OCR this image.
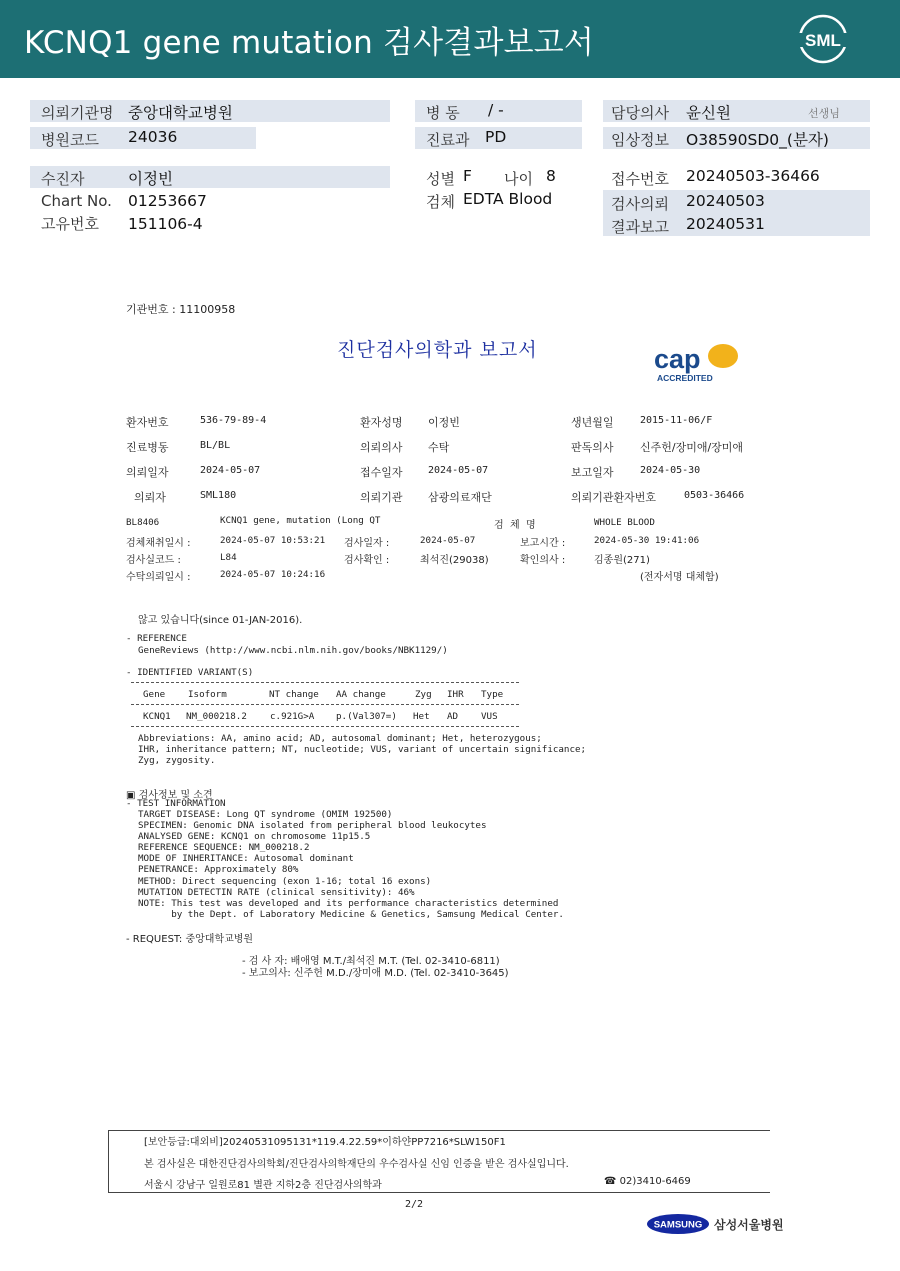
KCNQ1 gene mutation 검사결과보고서	SML
의뢰기관명 중앙대학교병원
병원코드 24036
병 동 / -
진료과 PD
담당의사 윤신원	선생님
임상정보 O38590SD0_(분자)
수진자	이정빈
Chart No. 01253667
고유번호 151106-4
성별 F 나이 8
검체 EDTA Blood
접수번호 20240503-36466
검사의뢰 20240503
결과보고 20240531
기관번호 : 11100958
진단검사의학과 보고서	cap
ACCREDITED
환자번호	536-79-89-4	환자성명 이정빈	생년월일	2015-11-06/F
진료병동	BL/BL	의뢰의사 수탁	판독의사 신주헌/장미애/장미애
의뢰일자	2024-05-07	접수일자	2024-05-07	보고일자	2024-05-30
의뢰자	SML180	의뢰기관 삼광의료재단	의뢰기관환자번호	0503-36466
BL8406	KCNQ1 gene, mutation (Long QT	검  체  명	WHOLE BLOOD
검체채취일시 :	2024-05-07 10:53:21 검사일자 :	2024-05-07	보고시간 :	2024-05-30 19:41:06
검사실코드 :	L84	검사확인 :	최석진(29038)	확인의사 :	김종원(271)
수탁의뢰일시 :	2024-05-07 10:24:16	(전자서명 대체함)
않고 있습니다(since 01-JAN-2016).
- REFERENCE
GeneReviews (http://www.ncbi.nlm.nih.gov/books/NBK1129/)
- IDENTIFIED VARIANT(S)
Gene Isoform	NT change AA change	Zyg IHR Type
KCNQ1 NM_000218.2	c.921G>A p.(Val307=) Het AD VUS
Abbreviations: AA, amino acid; AD, autosomal dominant; Het, heterozygous;
IHR, inheritance pattern; NT, nucleotide; VUS, variant of uncertain significance;
Zyg, zygosity.
▣ 검사정보 및 소견
- TEST INFORMATION
TARGET DISEASE: Long QT syndrome (OMIM 192500)
SPECIMEN: Genomic DNA isolated from peripheral blood leukocytes
ANALYSED GENE: KCNQ1 on chromosome 11p15.5
REFERENCE SEQUENCE: NM_000218.2
MODE OF INHERITANCE: Autosomal dominant
PENETRANCE: Approximately 80%
METHOD: Direct sequencing (exon 1-16; total 16 exons)
MUTATION DETECTIN RATE (clinical sensitivity): 46%
NOTE: This test was developed and its performance characteristics determined
by the Dept. of Laboratory Medicine & Genetics, Samsung Medical Center.
- REQUEST: 중앙대학교병원
- 검 사 자: 배애영 M.T./최석진 M.T. (Tel. 02-3410-6811)
- 보고의사: 신주헌 M.D./장미애 M.D. (Tel. 02-3410-3645)
[보안등급:대외비]20240531095131*119.4.22.59*이하얀PP7216*SLW150F1
본 검사실은 대한진단검사의학회/진단검사의학재단의 우수검사실 신임 인증을 받은 검사실입니다.
서울시 강남구 일원로81 별관 지하2층 진단검사의학과	☎ 02)3410-6469
2/2
SAMSUNG 삼성서울병원
